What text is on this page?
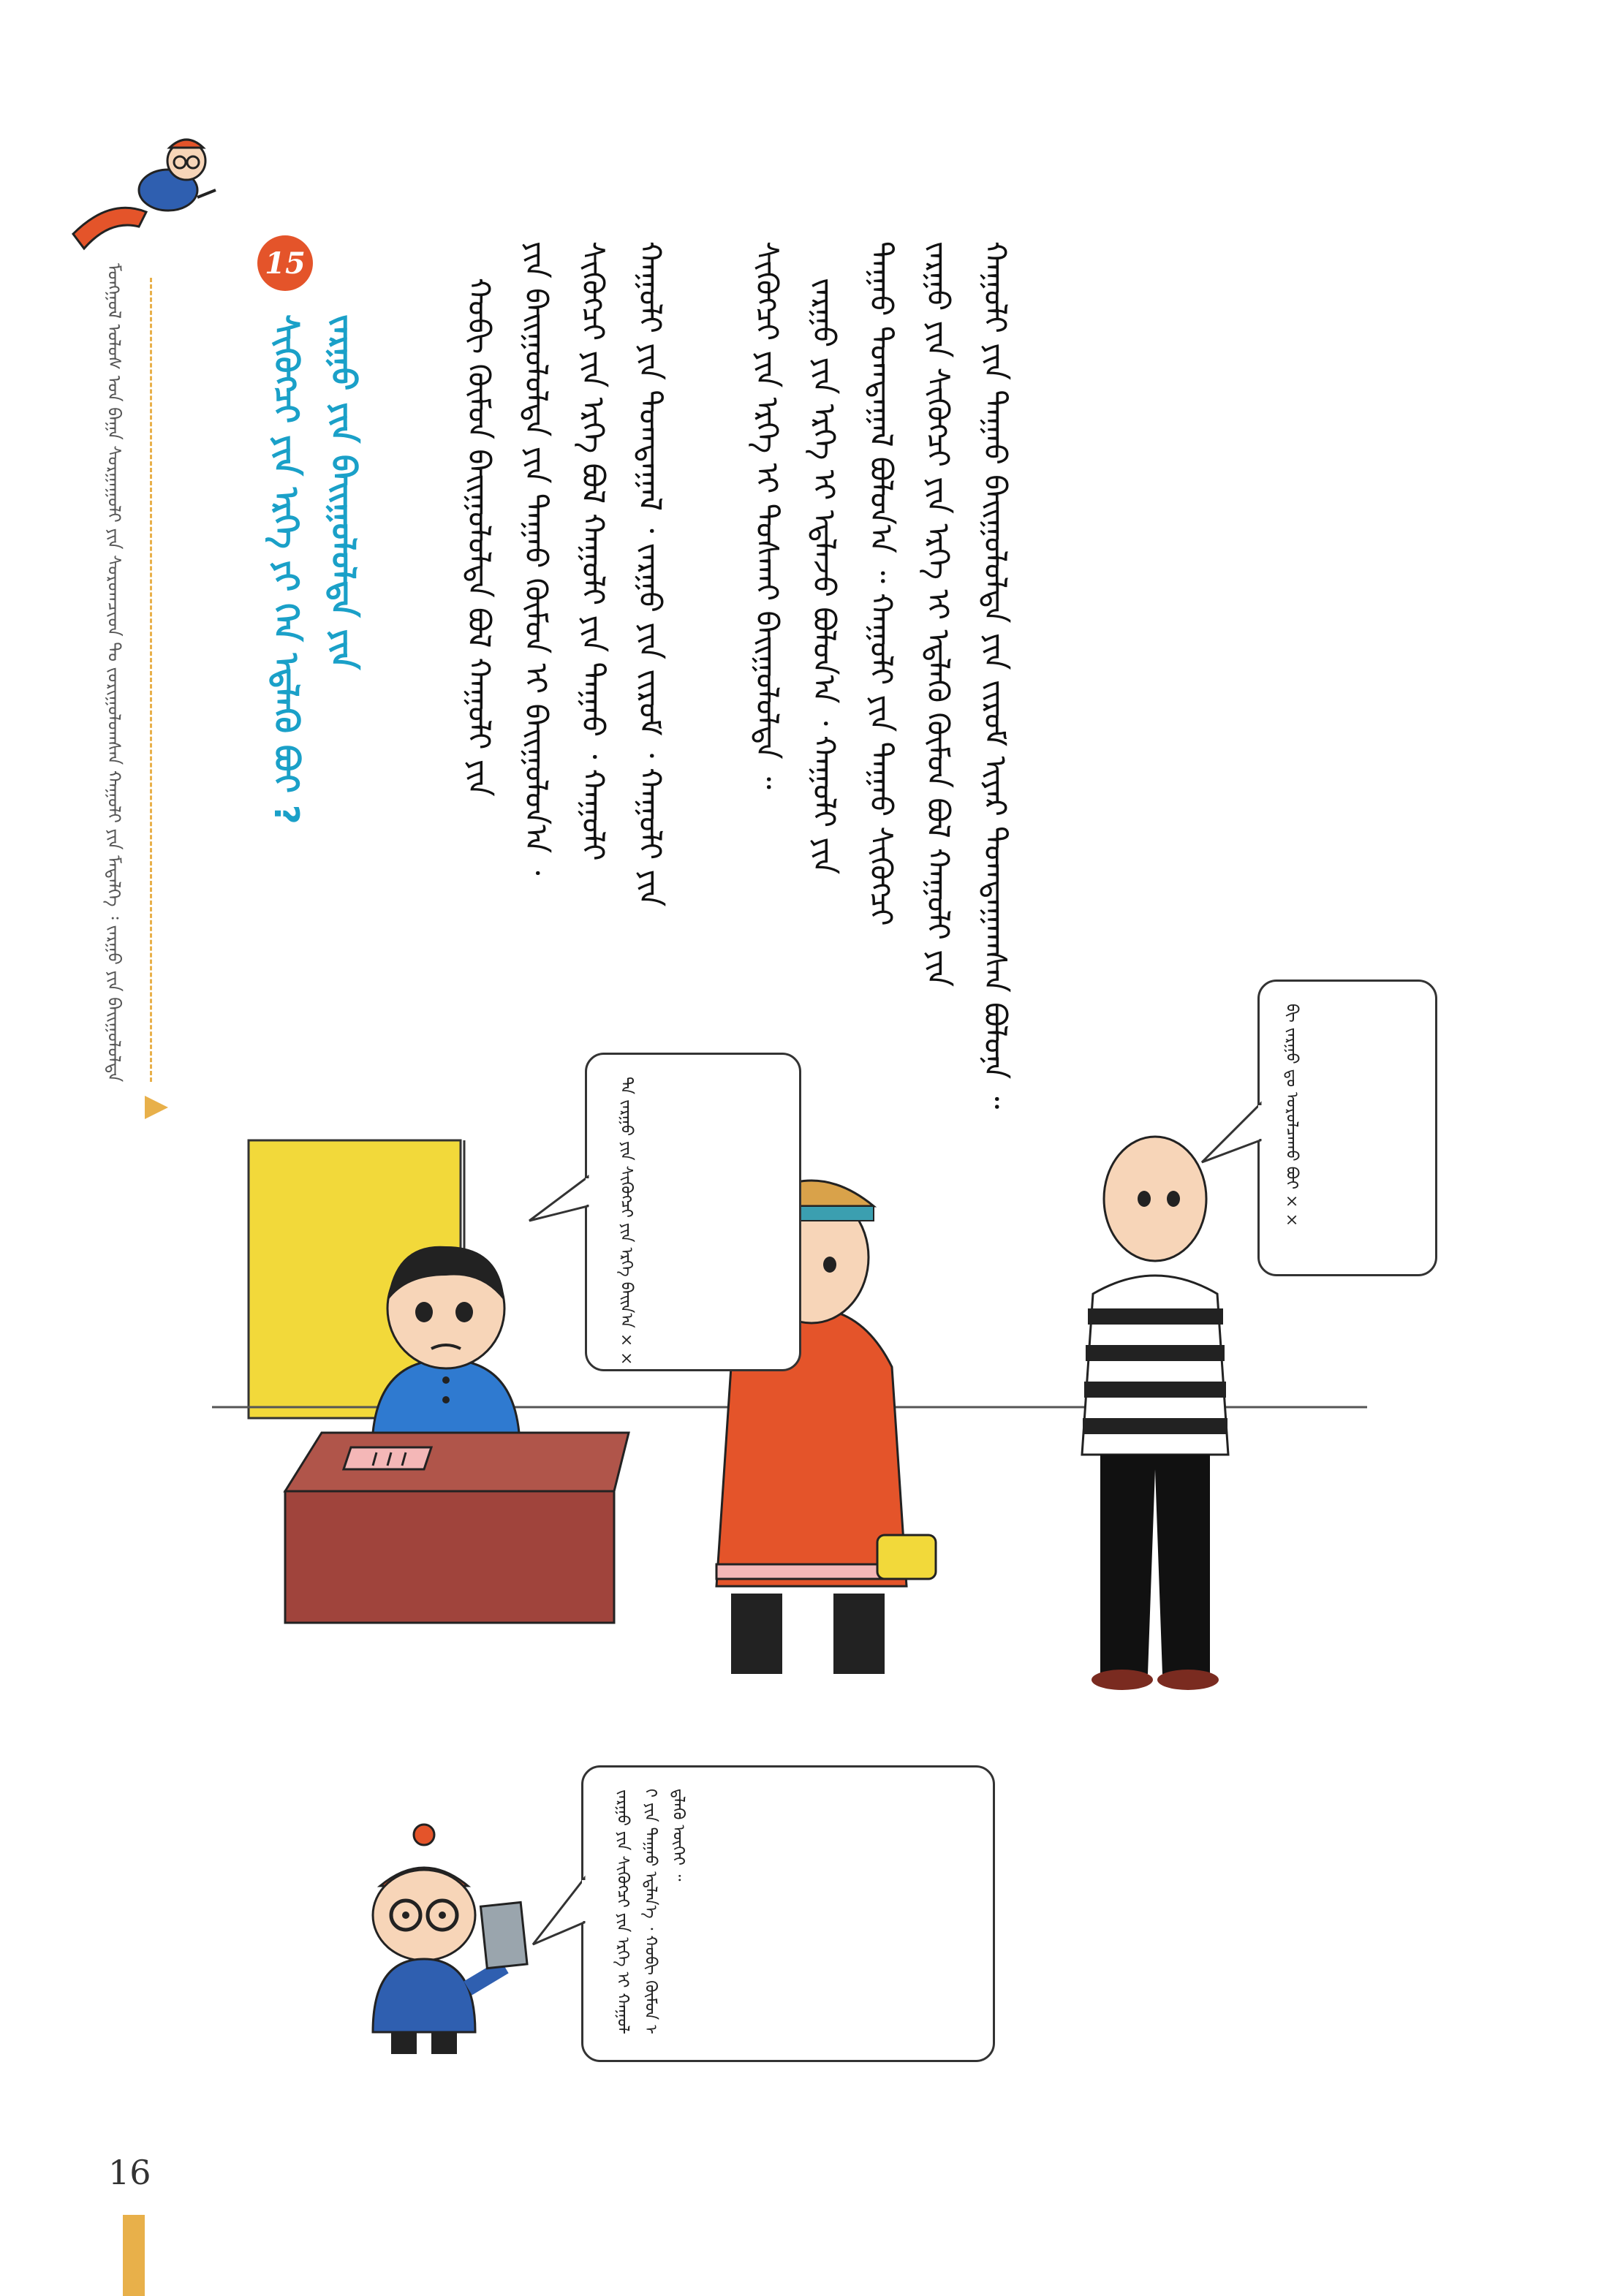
ᠮᠣᠩᠭᠣᠯ ᠤᠯᠤᠰ ᠤᠨ ᠪᠠᠭᠠ ᠰᠤᠷᠭᠠᠭᠤᠯᠢ ᠶᠢᠨ ᠰᠤᠷᠤᠭᠴᠢᠳ ᠲᠤ ᠵᠣᠷᠢᠭᠤᠯᠤᠭᠰᠠᠨ ᠬᠠᠭᠤᠯᠢ ᠶᠢᠨ ᠮᠡᠳᠡᠯᠭᠡ ᠄ ᠵᠠᠷᠭᠤ ᠶᠢᠨ ᠪᠠᠢᠭᠤᠯᠤᠯᠲᠠ	15
ᠵᠠᠷᠭᠤ ᠶᠢᠨ ᠪᠠᠢᠭᠤᠯᠤᠯᠲᠠ ᠶᠢᠨ
ᠰᠢᠭᠦᠭᠴᠢ ᠶᠢᠨ ᠡᠷᠬᠡ ᠶᠢ ᠬᠡᠨ ᠡᠳ᠋ᠯᠡᠬᠦ ᠪᠤᠢ ?	ᠬᠠᠭᠤᠯᠢ ᠶᠢᠨ ᠳᠠᠭᠠᠤ ᠪᠠᠢᠭᠤᠯᠤᠯᠲᠠ ᠶᠢᠨ ᠵᠢᠷᠤᠮ ᠢᠶᠠᠷ ᠲᠣᠭᠲᠠᠭᠠᠭᠰᠠᠨ ᠪᠣᠯᠤᠨᠠ ᠃
ᠵᠠᠷᠭᠤ ᠶᠢᠨ ᠰᠢᠭᠦᠭᠴᠢ ᠶᠢᠨ ᠡᠷᠬᠡ ᠢ ᠡᠳ᠋ᠯᠡᠬᠦ ᠬᠦᠮᠦᠨ ᠪᠣᠯ ᠬᠠᠭᠤᠯᠢ ᠶᠢᠨ
ᠳᠠᠭᠠᠤ ᠲᠣᠭᠲᠠᠭᠠᠯ ᠪᠣᠯᠣᠨ᠎ᠠ ᠃ ᠬᠠᠭᠤᠯᠢ ᠶᠢᠨ ᠳᠠᠭᠠᠤ ᠰᠢᠭᠦᠭᠴᠢ
ᠵᠠᠷᠭᠤ ᠶᠢᠨ ᠡᠷᠬᠡ ᠢ ᠡᠳ᠋ᠯᠡᠵᠦ ᠪᠣᠯᠣᠨ᠎ᠠ ᠂ ᠬᠠᠭᠤᠯᠢ ᠶᠢᠨ
ᠰᠢᠭᠦᠭᠴᠢ ᠶᠢᠨ ᠡᠷᠬᠡ ᠢ ᠲᠤᠰᠬᠠᠢ ᠪᠠᠢᠭᠤᠯᠤᠯᠲᠠ ᠃
ᠬᠠᠭᠤᠯᠢ ᠶᠢᠨ ᠲᠣᠭᠲᠠᠭᠠᠯ ᠂ ᠵᠠᠷᠭᠤ ᠶᠢᠨ ᠵᠢᠷᠤᠮ ᠂ ᠬᠠᠭᠤᠯᠢ ᠶᠢᠨ
ᠰᠢᠭᠦᠭᠴᠢ ᠶᠢᠨ ᠡᠷᠬᠡ ᠪᠣᠯ ᠬᠠᠭᠤᠯᠢ ᠶᠢᠨ ᠳᠠᠭᠠᠤ ᠂ ᠬᠠᠭᠤᠯᠢ
ᠶᠢᠨ ᠪᠠᠢᠭᠤᠯᠤᠯᠲᠠ ᠶᠢᠨ ᠳᠠᠭᠠᠤ ᠬᠦᠮᠦᠨ ᠢ ᠪᠠᠢᠭᠤᠯᠤᠨ᠎ᠠ ᠂
ᠬᠤᠪᠢ ᠬᠦᠮᠦᠨ ᠪᠠᠢᠭᠤᠯᠤᠯᠲᠠ ᠪᠣᠯ ᠬᠠᠭᠤᠯᠢ ᠶᠢᠨ
ᠲᠠ ᠵᠠᠷᠭᠤ ᠶᠢᠨ ᠰᠢᠭᠦᠭᠴᠢ ᠶᠢᠨ ᠡᠷᠬᠡ ᠪᠠᠢᠨ᠎ᠠ × ×	ᠪᠢ ᠵᠠᠷᠭᠤ ᠳᠤ ᠣᠷᠣᠯᠴᠠᠬᠤ ᠪᠤᠢ × ×
ᠵᠠᠷᠭᠤ ᠶᠢᠨ ᠰᠢᠭᠦᠭᠴᠢ ᠶᠢᠨ ᠡᠷᠬᠡ ᠢ ᠬᠠᠭᠤᠯᠢ ᠶᠢᠨ ᠳᠠᠭᠠᠤ ᠡᠳ᠋ᠯᠡᠨ᠎ᠡ ᠂ ᠬᠤᠪᠢ ᠬᠦᠮᠦᠨ ᠡᠳ᠋ᠯᠡᠬᠦ ᠦᠭᠡᠢ ᠃
16
